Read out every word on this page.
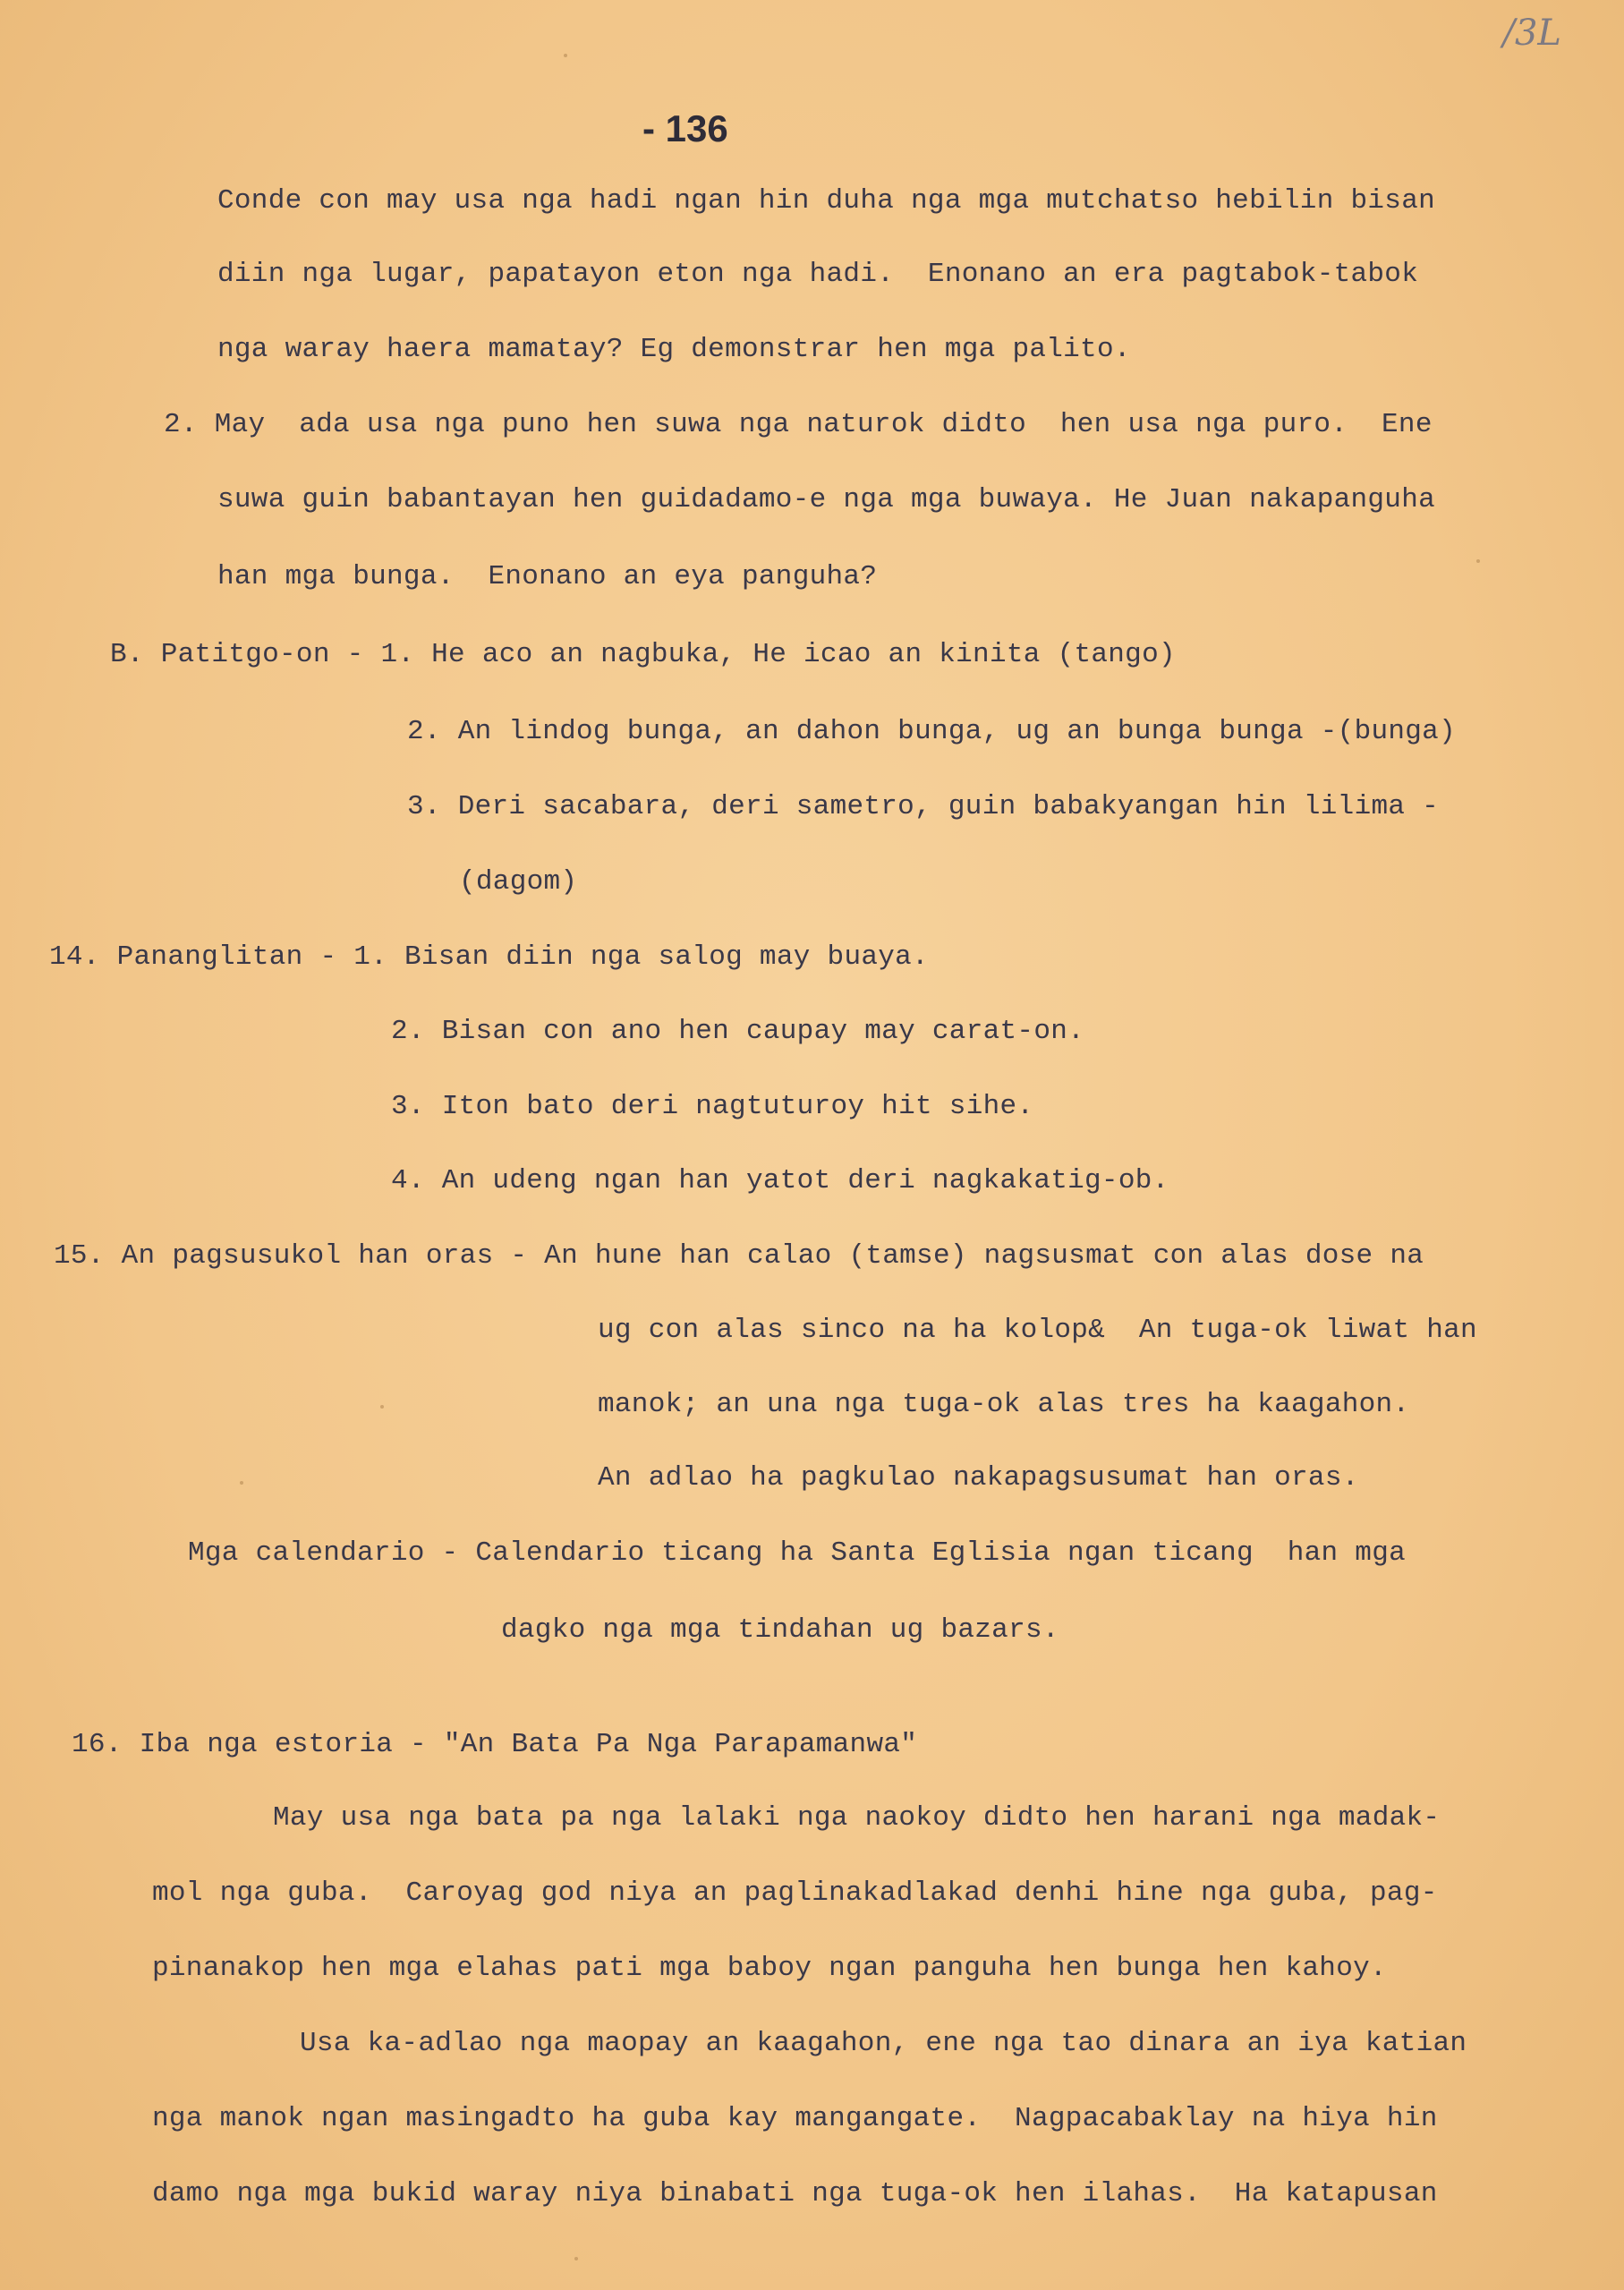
/3L
- 136
Conde con may usa nga hadi ngan hin duha nga mga mutchatso hebilin bisan
diin nga lugar, papatayon eton nga hadi.  Enonano an era pagtabok-tabok
nga waray haera mamatay? Eg demonstrar hen mga palito.
2. May  ada usa nga puno hen suwa nga naturok didto  hen usa nga puro.  Ene
suwa guin babantayan hen guidadamo-e nga mga buwaya. He Juan nakapanguha
han mga bunga.  Enonano an eya panguha?
B. Patitgo-on - 1. He aco an nagbuka, He icao an kinita (tango)
2. An lindog bunga, an dahon bunga, ug an bunga bunga -(bunga)
3. Deri sacabara, deri sametro, guin babakyangan hin lilima -
(dagom)
14. Pananglitan - 1. Bisan diin nga salog may buaya.
2. Bisan con ano hen caupay may carat-on.
3. Iton bato deri nagtuturoy hit sihe.
4. An udeng ngan han yatot deri nagkakatig-ob.
15. An pagsusukol han oras - An hune han calao (tamse) nagsusmat con alas dose na
ug con alas sinco na ha kolop&  An tuga-ok liwat han
manok; an una nga tuga-ok alas tres ha kaagahon.
An adlao ha pagkulao nakapagsusumat han oras.
Mga calendario - Calendario ticang ha Santa Eglisia ngan ticang  han mga
dagko nga mga tindahan ug bazars.
16. Iba nga estoria - "An Bata Pa Nga Parapamanwa"
May usa nga bata pa nga lalaki nga naokoy didto hen harani nga madak-
mol nga guba.  Caroyag god niya an paglinakadlakad denhi hine nga guba, pag-
pinanakop hen mga elahas pati mga baboy ngan panguha hen bunga hen kahoy.
Usa ka-adlao nga maopay an kaagahon, ene nga tao dinara an iya katian
nga manok ngan masingadto ha guba kay mangangate.  Nagpacabaklay na hiya hin
damo nga mga bukid waray niya binabati nga tuga-ok hen ilahas.  Ha katapusan
